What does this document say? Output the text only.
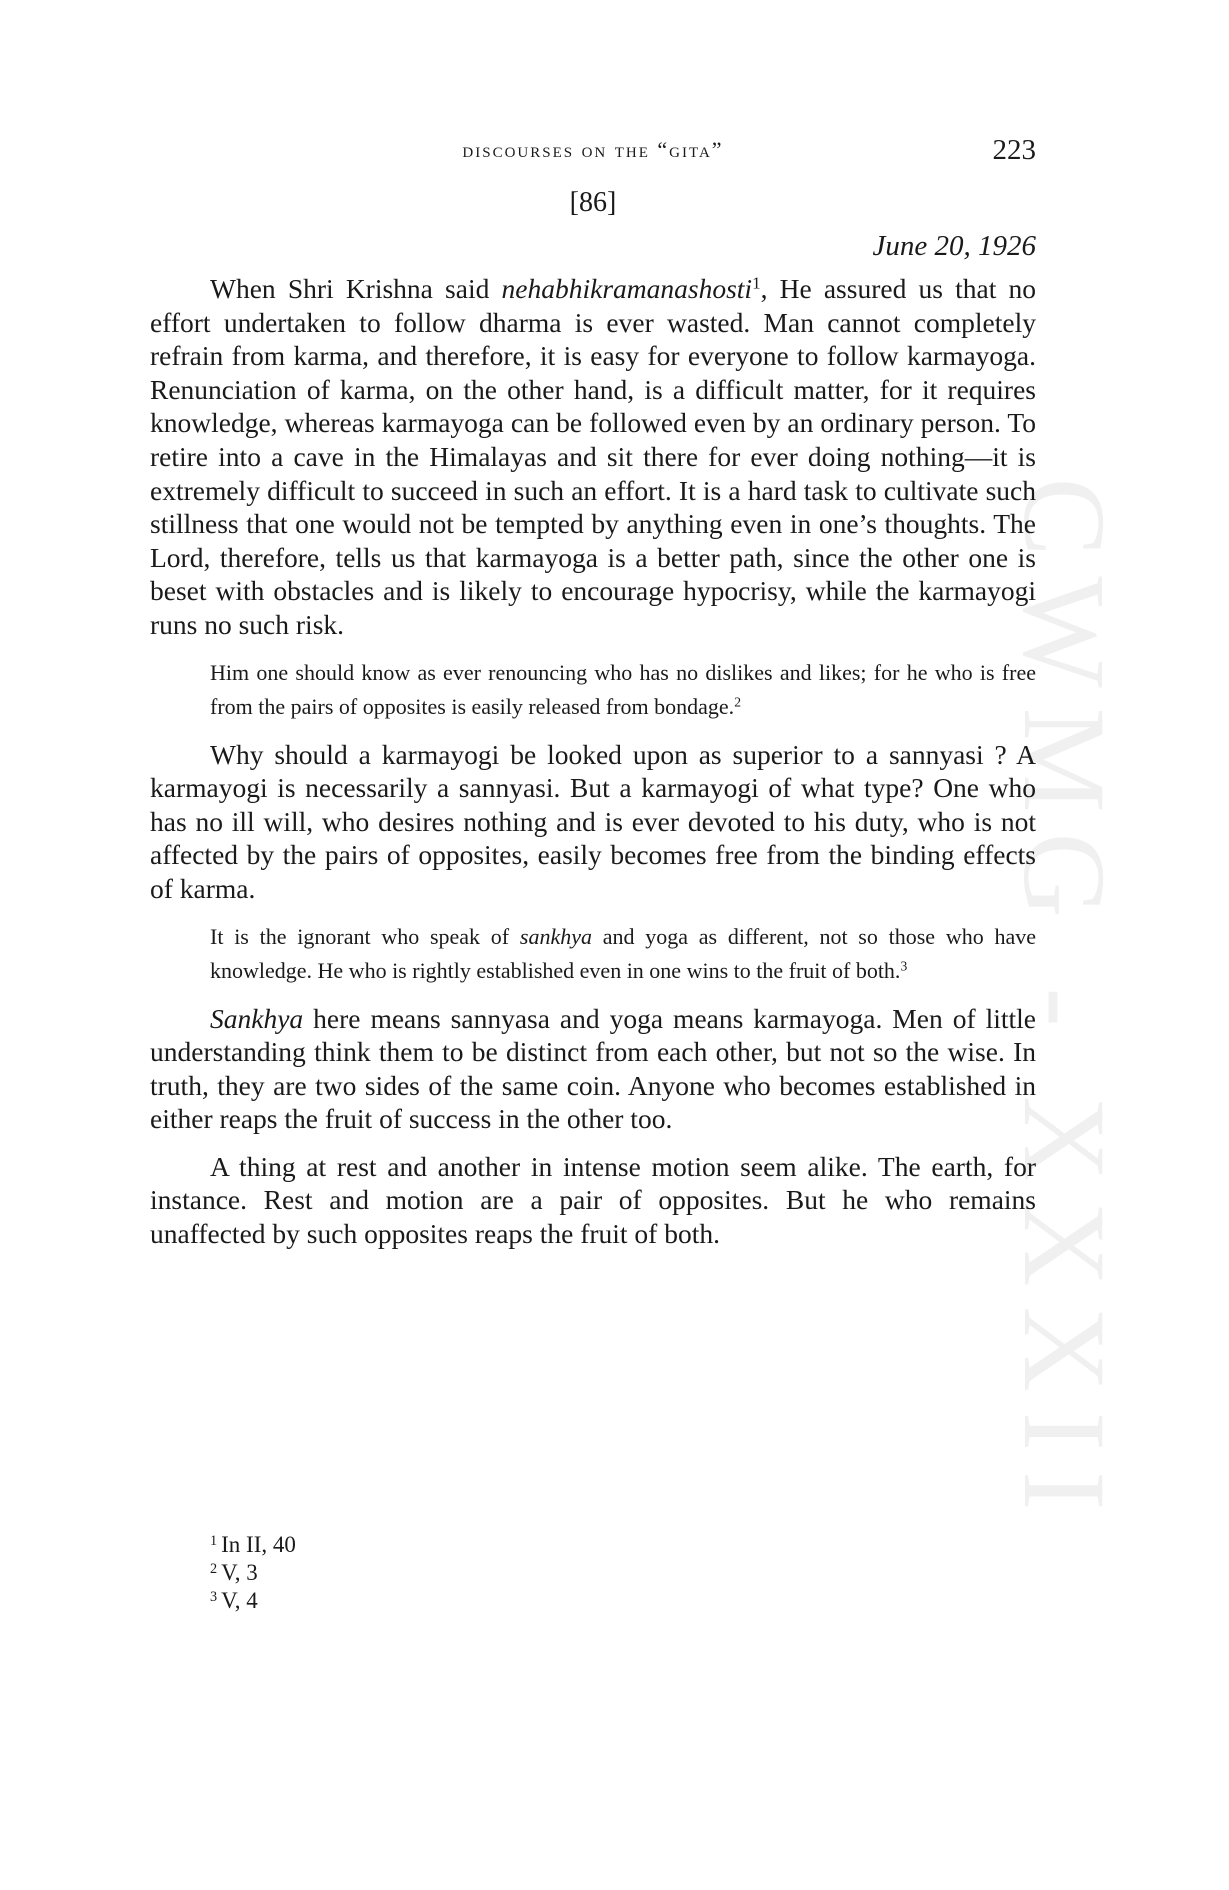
CWMG - XXXII
discourses on the “gita”	223
[86]
June 20, 1926

When Shri Krishna said nehabhikramanashosti$^1$, He assured us that no effort undertaken to follow dharma is ever wasted. Man cannot completely refrain from karma, and therefore, it is easy for everyone to follow karmayoga. Renunciation of karma, on the other hand, is a difficult matter, for it requires knowledge, whereas karmayoga can be followed even by an ordinary person. To retire into a cave in the Himalayas and sit there for ever doing nothing—it is extremely difficult to succeed in such an effort. It is a hard task to cultivate such stillness that one would not be tempted by anything even in one’s thoughts. The Lord, therefore, tells us that karmayoga is a better path, since the other one is beset with obstacles and is likely to encourage hypocrisy, while the karmayogi runs no such risk.

Him one should know as ever renouncing who has no dislikes and likes; for he who is free from the pairs of opposites is easily released from bondage.$^2$

Why should a karmayogi be looked upon as superior to a sannyasi ? A karmayogi is necessarily a sannyasi. But a karmayogi of what type? One who has no ill will, who desires nothing and is ever devoted to his duty, who is not affected by the pairs of opposites, easily becomes free from the binding effects of karma.

It is the ignorant who speak of sankhya and yoga as different, not so those who have knowledge. He who is rightly established even in one wins to the fruit of both.$^3$

Sankhya here means sannyasa and yoga means karmayoga. Men of little understanding think them to be distinct from each other, but not so the wise. In truth, they are two sides of the same coin. Anyone who becomes established in either reaps the fruit of success in the other too.

A thing at rest and another in intense motion seem alike. The earth, for instance. Rest and motion are a pair of opposites. But he who remains unaffected by such opposites reaps the fruit of both.

$^1$ In II, 40
$^2$ V, 3
$^3$ V, 4
